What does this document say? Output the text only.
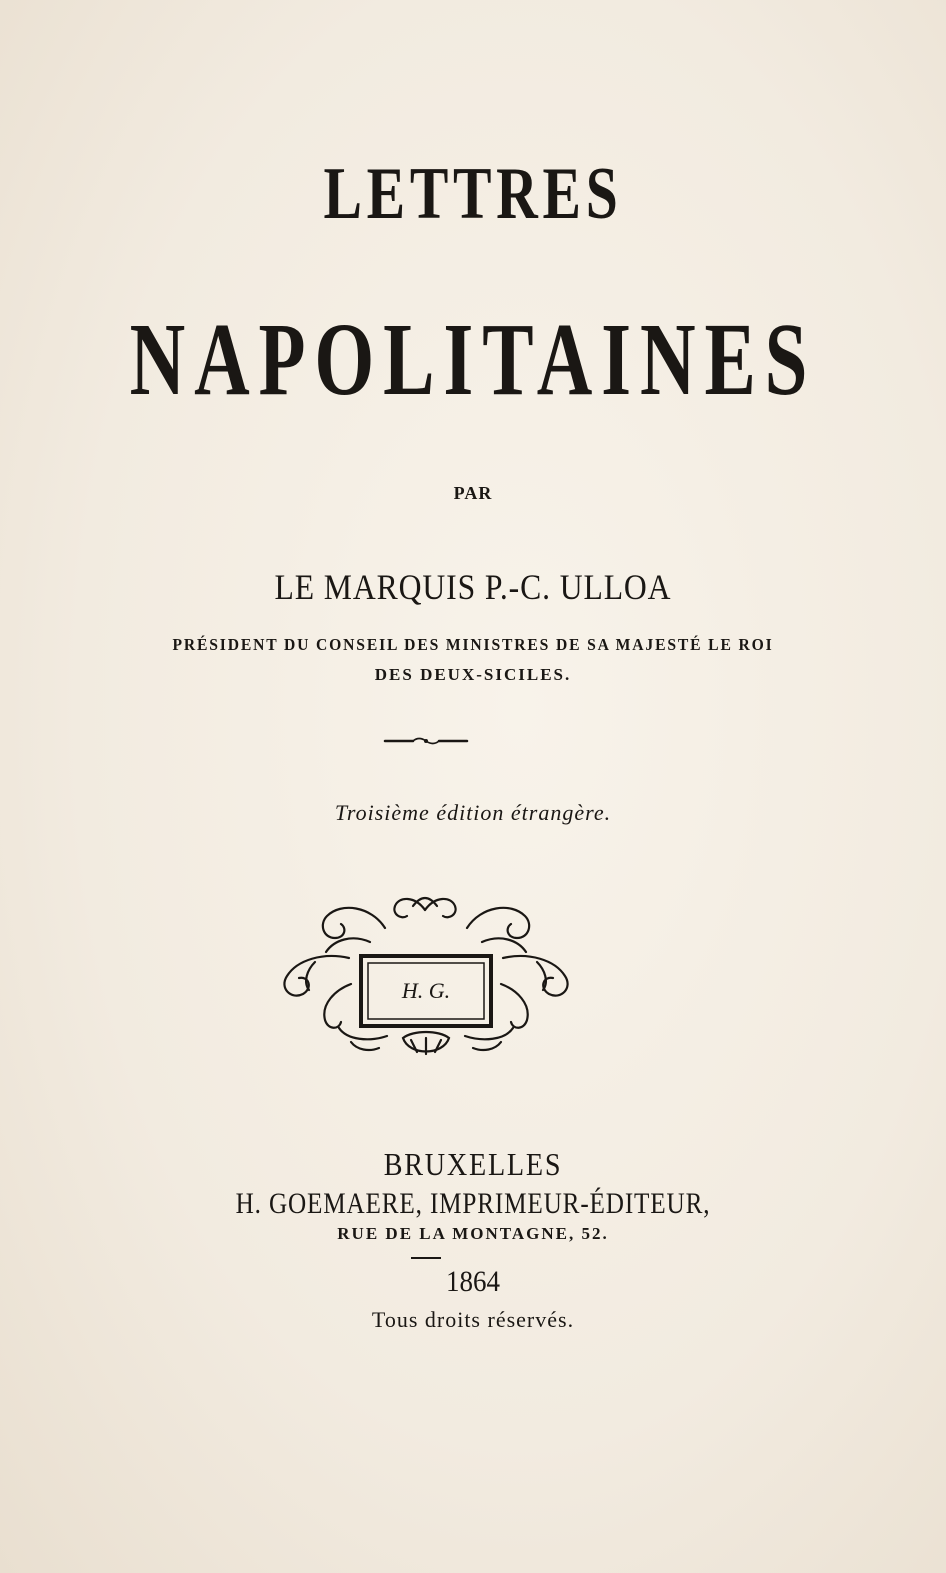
LETTRES
NAPOLITAINES
PAR
LE MARQUIS P.-C. ULLOA
PRÉSIDENT DU CONSEIL DES MINISTRES DE SA MAJESTÉ LE ROI
DES DEUX-SICILES.
Troisième édition étrangère.
H. G.
BRUXELLES
H. GOEMAERE, IMPRIMEUR-ÉDITEUR,
RUE DE LA MONTAGNE, 52.
1864
Tous droits réservés.
